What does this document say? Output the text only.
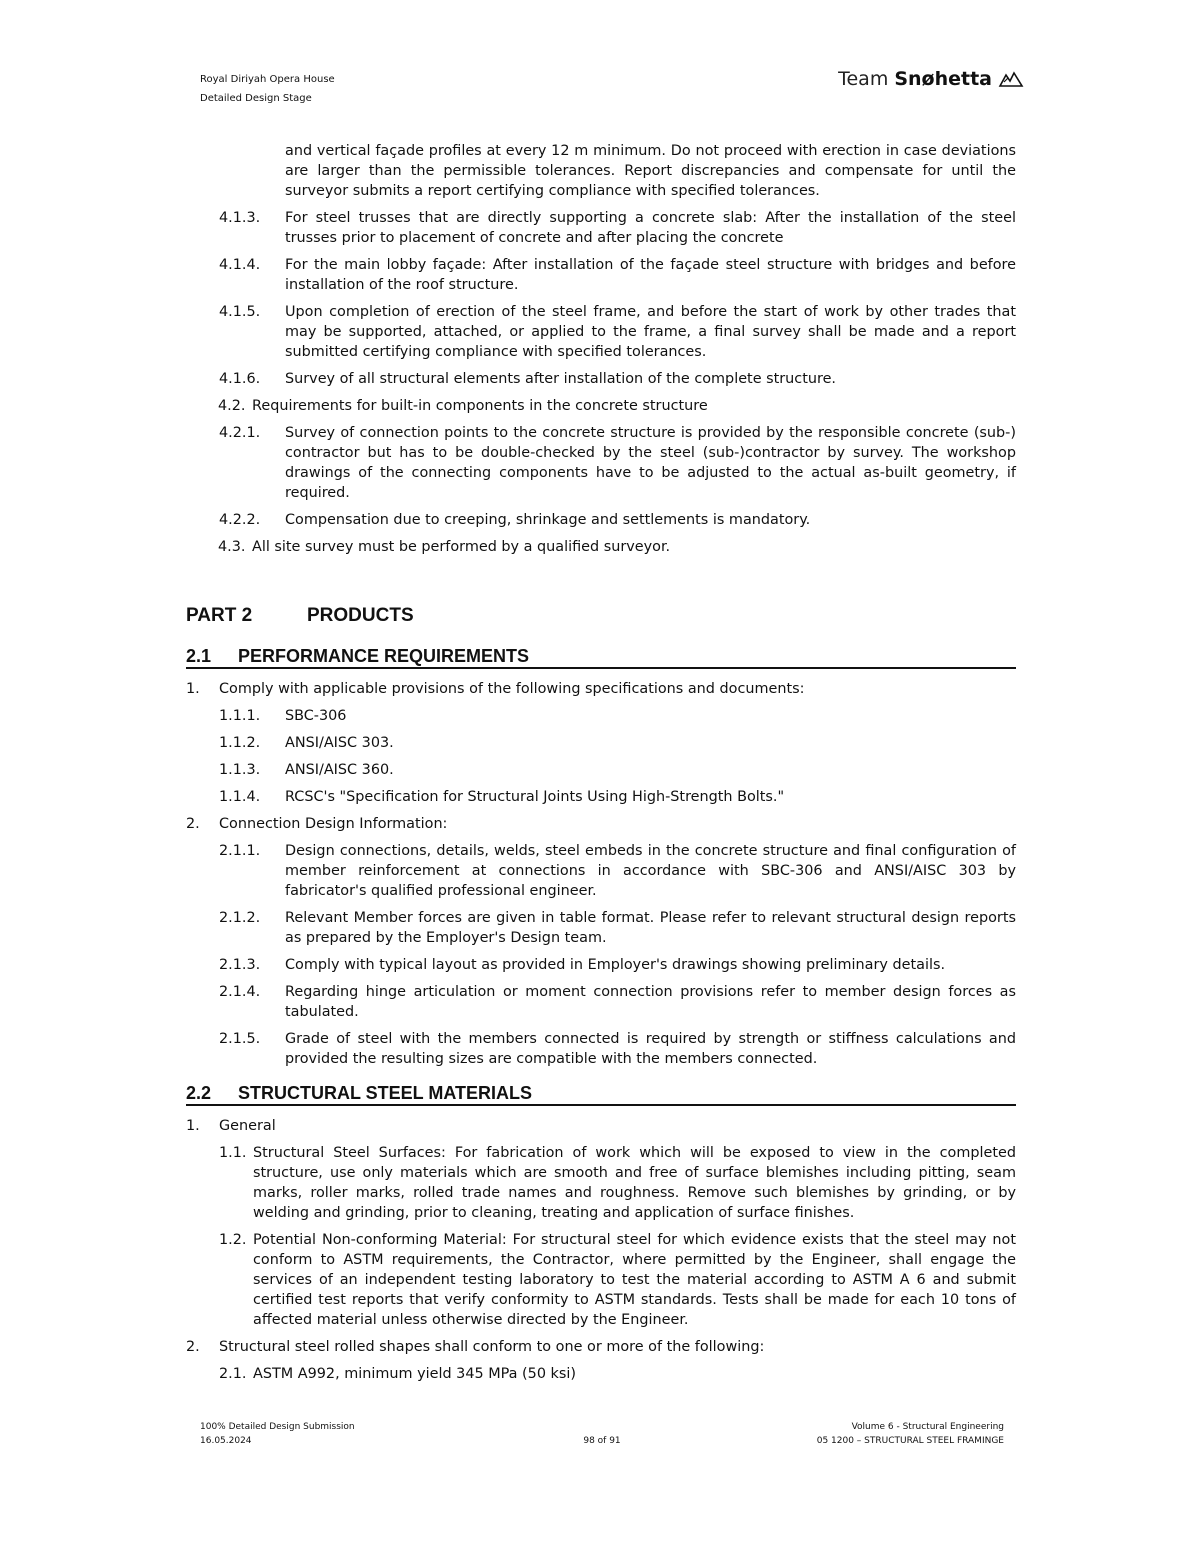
Royal Diriyah Opera House
Detailed Design Stage
Team Snøhetta

and vertical façade profiles at every 12 m minimum. Do not proceed with erection in case deviations are larger than the permissible tolerances. Report discrepancies and compensate for until the surveyor submits a report certifying compliance with specified tolerances.

4.1.3. For steel trusses that are directly supporting a concrete slab: After the installation of the steel trusses prior to placement of concrete and after placing the concrete

4.1.4. For the main lobby façade: After installation of the façade steel structure with bridges and before installation of the roof structure.

4.1.5. Upon completion of erection of the steel frame, and before the start of work by other trades that may be supported, attached, or applied to the frame, a final survey shall be made and a report submitted certifying compliance with specified tolerances.

4.1.6. Survey of all structural elements after installation of the complete structure.

4.2. Requirements for built-in components in the concrete structure

4.2.1. Survey of connection points to the concrete structure is provided by the responsible concrete (sub-) contractor but has to be double-checked by the steel (sub-)contractor by survey. The workshop drawings of the connecting components have to be adjusted to the actual as-built geometry, if required.

4.2.2. Compensation due to creeping, shrinkage and settlements is mandatory.

4.3. All site survey must be performed by a qualified surveyor.

PART 2	PRODUCTS
2.1 PERFORMANCE REQUIREMENTS

1. Comply with applicable provisions of the following specifications and documents:

1.1.1. SBC-306

1.1.2. ANSI/AISC 303.

1.1.3. ANSI/AISC 360.

1.1.4. RCSC's "Specification for Structural Joints Using High-Strength Bolts."

2. Connection Design Information:

2.1.1. Design connections, details, welds, steel embeds in the concrete structure and final configuration of member reinforcement at connections in accordance with SBC-306 and ANSI/AISC 303 by fabricator's qualified professional engineer.

2.1.2. Relevant Member forces are given in table format. Please refer to relevant structural design reports as prepared by the Employer's Design team.

2.1.3. Comply with typical layout as provided in Employer's drawings showing preliminary details.

2.1.4. Regarding hinge articulation or moment connection provisions refer to member design forces as tabulated.

2.1.5. Grade of steel with the members connected is required by strength or stiffness calculations and provided the resulting sizes are compatible with the members connected.

2.2 STRUCTURAL STEEL MATERIALS

1. General

1.1. Structural Steel Surfaces: For fabrication of work which will be exposed to view in the completed structure, use only materials which are smooth and free of surface blemishes including pitting, seam marks, roller marks, rolled trade names and roughness. Remove such blemishes by grinding, or by welding and grinding, prior to cleaning, treating and application of surface finishes.

1.2. Potential Non-conforming Material: For structural steel for which evidence exists that the steel may not conform to ASTM requirements, the Contractor, where permitted by the Engineer, shall engage the services of an independent testing laboratory to test the material according to ASTM A 6 and submit certified test reports that verify conformity to ASTM standards. Tests shall be made for each 10 tons of affected material unless otherwise directed by the Engineer.

2. Structural steel rolled shapes shall conform to one or more of the following:

2.1. ASTM A992, minimum yield 345 MPa (50 ksi)

100% Detailed Design Submission
16.05.2024	98 of 91
Volume 6 - Structural Engineering
05 1200 – STRUCTURAL STEEL FRAMINGE
